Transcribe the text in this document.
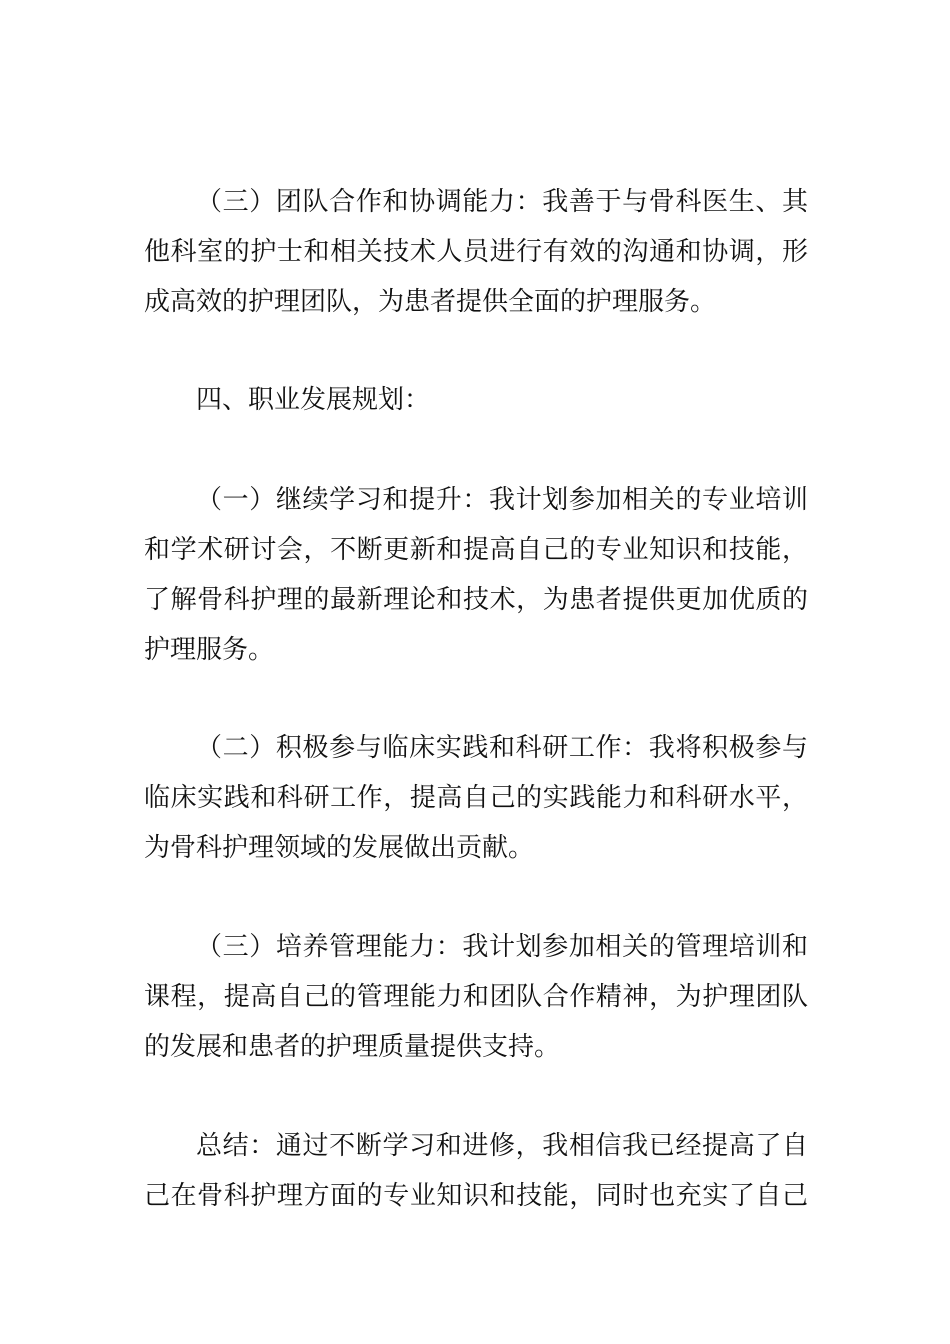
（三）团队合作和协调能力：我善于与骨科医生、其
他科室的护士和相关技术人员进行有效的沟通和协调，形
成高效的护理团队，为患者提供全面的护理服务。
四、职业发展规划：
（一）继续学习和提升：我计划参加相关的专业培训
和学术研讨会，不断更新和提高自己的专业知识和技能，
了解骨科护理的最新理论和技术，为患者提供更加优质的
护理服务。
（二）积极参与临床实践和科研工作：我将积极参与
临床实践和科研工作，提高自己的实践能力和科研水平，
为骨科护理领域的发展做出贡献。
（三）培养管理能力：我计划参加相关的管理培训和
课程，提高自己的管理能力和团队合作精神，为护理团队
的发展和患者的护理质量提供支持。
总结：通过不断学习和进修，我相信我已经提高了自
己在骨科护理方面的专业知识和技能，同时也充实了自己
